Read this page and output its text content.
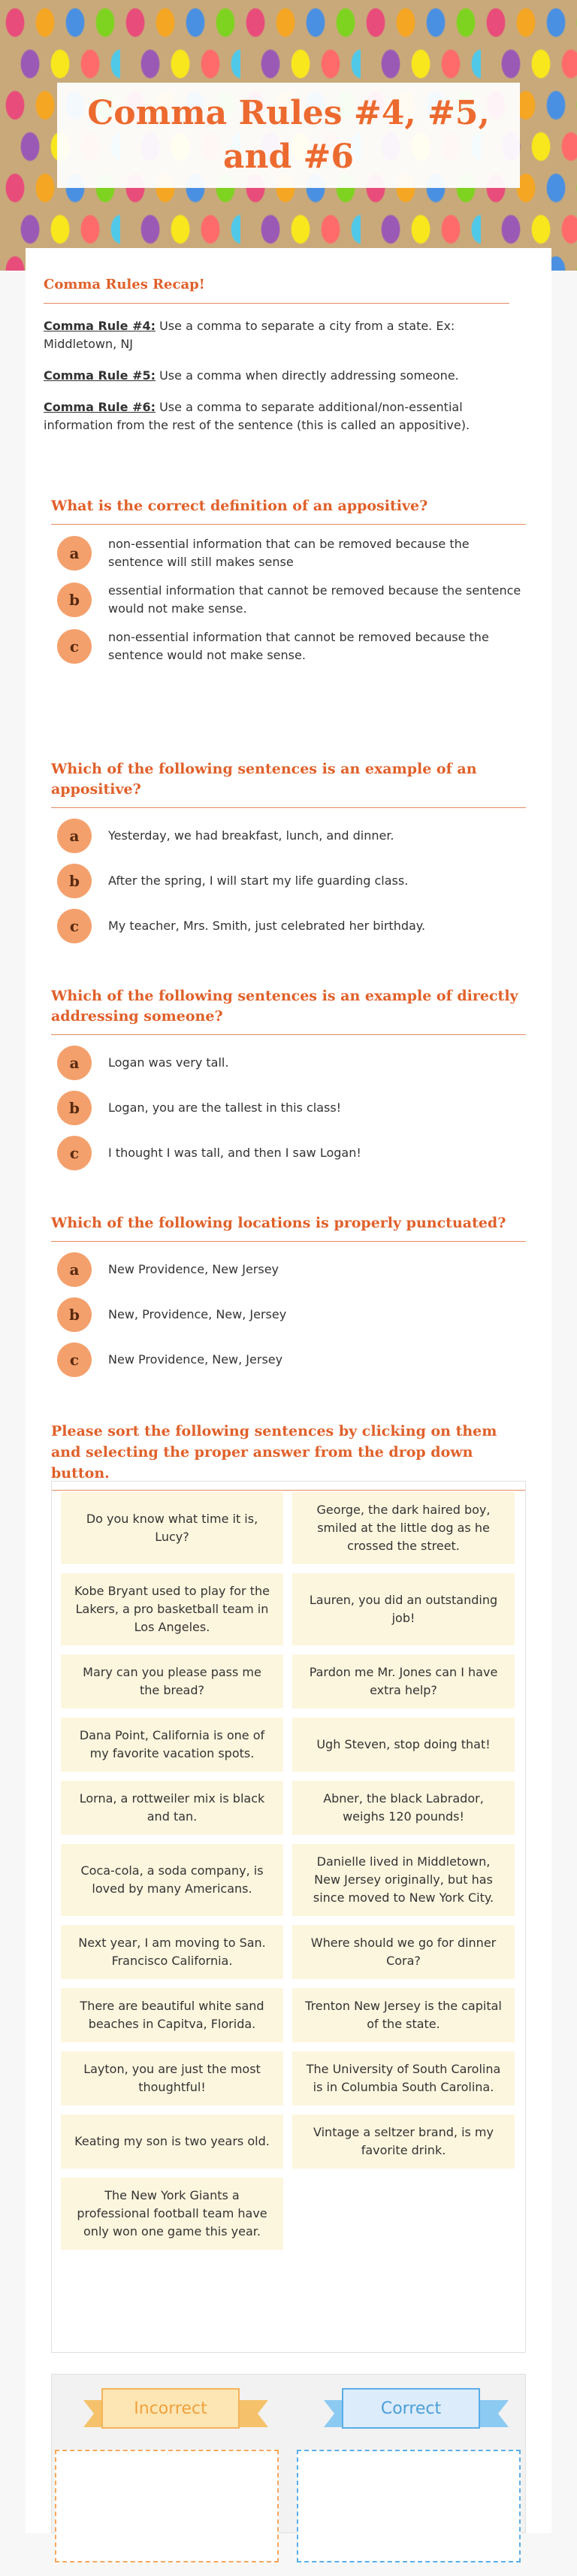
Comma Rules #4, #5, and #6
Comma Rules Recap!

Comma Rule #4: Use a comma to separate a city from a state. Ex: Middletown, NJ

Comma Rule #5: Use a comma when directly addressing someone.

Comma Rule #6: Use a comma to separate additional/non-essential information from the rest of the sentence (this is called an appositive).

What is the correct definition of an appositive?
a
non-essential information that can be removed because the sentence will still makes sense
b
essential information that cannot be removed because the sentence would not make sense.
c
non-essential information that cannot be removed because the sentence would not make sense.
Which of the following sentences is an example of an appositive?
a	Yesterday, we had breakfast, lunch, and dinner.
b	After the spring, I will start my life guarding class.
c	My teacher, Mrs. Smith, just celebrated her birthday.
Which of the following sentences is an example of directly addressing someone?
a	Logan was very tall.
b	Logan, you are the tallest in this class!
c	I thought I was tall, and then I saw Logan!
Which of the following locations is properly punctuated?
a	New Providence, New Jersey
b	New, Providence, New, Jersey
c	New Providence, New, Jersey
Please sort the following sentences by clicking on them and selecting the proper answer from the drop down button.
Do you know what time it is, Lucy?
George, the dark haired boy, smiled at the little dog as he crossed the street.
Kobe Bryant used to play for the Lakers, a pro basketball team in Los Angeles.
Lauren, you did an outstanding job!
Mary can you please pass me the bread?
Pardon me Mr. Jones can I have extra help?
Dana Point, California is one of my favorite vacation spots.
Ugh Steven, stop doing that!
Lorna, a rottweiler mix is black and tan.
Abner, the black Labrador, weighs 120 pounds!
Coca-cola, a soda company, is loved by many Americans.
Danielle lived in Middletown, New Jersey originally, but has since moved to New York City.
Next year, I am moving to San. Francisco California.
Where should we go for dinner Cora?
There are beautiful white sand beaches in Capitva, Florida.
Trenton New Jersey is the capital of the state.
Layton, you are just the most thoughtful!
The University of South Carolina is in Columbia South Carolina.
Keating my son is two years old.
Vintage a seltzer brand, is my favorite drink.
The New York Giants a professional football team have only won one game this year.
Incorrect	Correct
